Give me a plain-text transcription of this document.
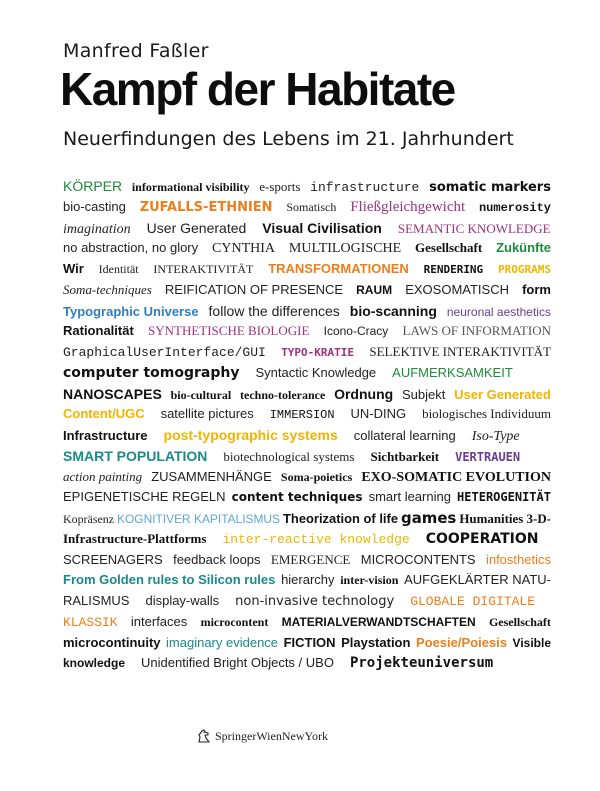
Manfred Faßler
Kampf der Habitate
Neuerfindungen des Lebens im 21. Jahrhundert
KÖRPER informational visibility e-sports infrastructure somatic markers
bio-casting ZUFALLS-ETHNIEN Somatisch Fließgleichgewicht numerosity
imagination User Generated Visual Civilisation SEMANTIC KNOWLEDGE
no abstraction, no glory CYNTHIA MULTILOGISCHE Gesellschaft Zukünfte
Wir Identität INTERAKTIVITÄT TRANSFORMATIONEN RENDERING PROGRAMS
Soma-techniques REIFICATION OF PRESENCE RAUM EXOSOMATISCH form
Typographic Universe follow the differences bio-scanning neuronal aesthetics
Rationalität SYNTHETISCHE BIOLOGIE Icono-Cracy LAWS OF INFORMATION
GraphicalUserInterface/GUI TYPO-KRATIE SELEKTIVE INTERAKTIVITÄT
computer tomography Syntactic Knowledge AUFMERKSAMKEIT
NANOSCAPES bio-cultural techno-tolerance Ordnung Subjekt User Generated
Content/UGC satellite pictures IMMERSION UN-DING biologisches Individuum
Infrastructure post-typographic systems collateral learning Iso-Type
SMART POPULATION biotechnological systems Sichtbarkeit VERTRAUEN
action painting ZUSAMMENHÄNGE Soma-poietics EXO-SOMATIC EVOLUTION
EPIGENETISCHE REGELN content techniques smart learning HETEROGENITÄT
Kopräsenz KOGNITIVER KAPITALISMUS Theorization of life games Humanities 3-D-
Infrastructure-Plattforms inter-reactive knowledge COOPERATION
SCREENAGERS feedback loops EMERGENCE MICROCONTENTS infosthetics
From Golden rules to Silicon rules hierarchy inter-vision AUFGEKLÄRTER NATU-
RALISMUS display-walls non-invasive technology GLOBALE DIGITALE
KLASSIK interfaces microcontent MATERIALVERWANDTSCHAFTEN Gesellschaft
microcontinuity imaginary evidence FICTION Playstation Poesie/Poiesis Visible
knowledge Unidentified Bright Objects / UBO Projekteuniversum
SpringerWienNewYork
